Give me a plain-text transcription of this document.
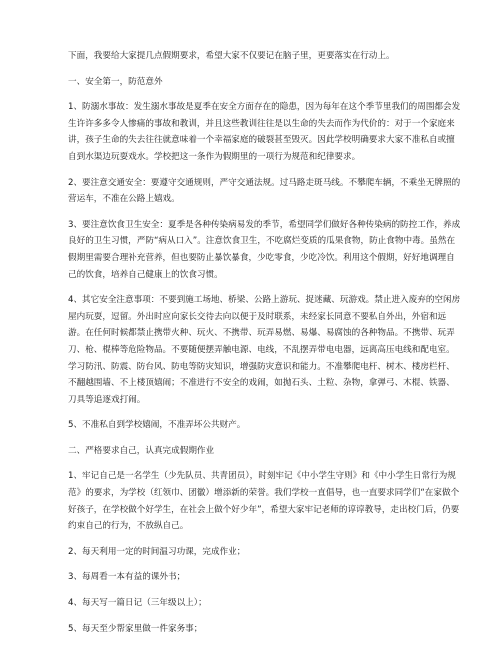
下面，我要给大家提几点假期要求，希望大家不仅要记在脑子里，更要落实在行动上。

一、安全第一，防范意外

1、防溺水事故：发生溺水事故是夏季在安全方面存在的隐患，因为每年在这个季节里我们的周围都会发生许许多多令人惨痛的事故和教训，并且这些教训往往是以生命的失去而作为代价的：对于一个家庭来讲，孩子生命的失去往往就意味着一个幸福家庭的破裂甚至毁灭。因此学校明确要求大家不准私自或擅自到水渠边玩耍戏水。学校把这一条作为假期里的一项行为规范和纪律要求。

2、要注意交通安全：要遵守交通规则，严守交通法规。过马路走斑马线。不攀爬车辆，不乘坐无牌照的营运车，不准在公路上嬉戏。

3、要注意饮食卫生安全：夏季是各种传染病易发的季节，希望同学们做好各种传染病的防控工作，养成良好的卫生习惯，严防“病从口入”。注意饮食卫生，不吃腐烂变质的瓜果食物，防止食物中毒。虽然在假期里需要合理补充营养，但也要防止暴饮暴食，少吃零食，少吃冷饮。利用这个假期，好好地调理自己的饮食，培养自己健康上的饮食习惯。

4、其它安全注意事项：不要到施工场地、桥梁、公路上游玩、捉迷藏、玩游戏。禁止进入废弃的空闲房屋内玩耍，逗留。外出时应向家长交待去向以便于及时联系，未经家长同意不要私自外出，外宿和远游。在任何时候都禁止携带火种、玩火、不携带、玩弄易燃、易爆、易腐蚀的各种物品。不携带、玩弄刀、枪、棍棒等危险物品。不要随便摆弄触电源、电线，不乱摆弄带电电器，远离高压电线和配电室。学习防汛、防震、防台风、防电等防灾知识，增强防灾意识和能力。不准攀爬电杆、树木、楼房栏杆、不翻越围墙、不上楼顶嬉闹；不准进行不安全的戏闹，如抛石头、土粒、杂物，拿弹弓、木棍、铁器、刀具等追逐戏打闹。

5、不准私自到学校嬉闹，不准弄坏公共财产。

二、严格要求自己，认真完成假期作业

1、牢记自己是一名学生（少先队员、共青团员），时刻牢记《中小学生守则》和《中小学生日常行为规范》的要求，为学校（红领巾、团徽）增添新的荣誉。我们学校一直倡导，也一直要求同学们“在家做个好孩子，在学校做个好学生，在社会上做个好少年”，希望大家牢记老师的谆谆教导，走出校门后，仍要约束自己的行为，不放纵自己。

2、每天利用一定的时间温习功课，完成作业；

3、每周看一本有益的课外书；

4、每天写一篇日记（三年级以上）；

5、每天至少帮家里做一件家务事；
